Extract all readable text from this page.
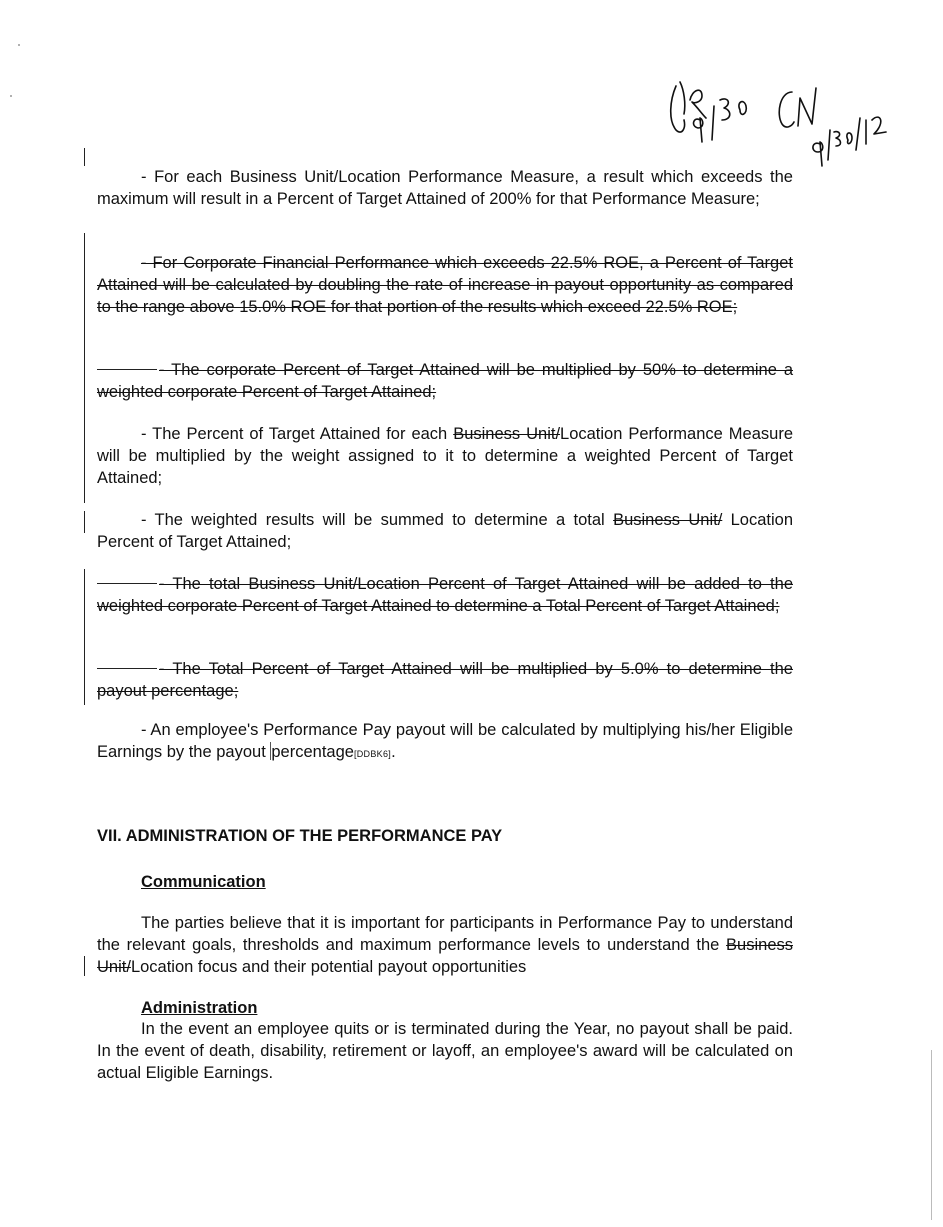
- For each Business Unit/Location Performance Measure, a result which exceeds the maximum will result in a Percent of Target Attained of 200% for that Performance Measure;

- For Corporate Financial Performance which exceeds 22.5% ROE, a Percent of Target Attained will be calculated by doubling the rate of increase in payout opportunity as compared to the range above 15.0% ROE for that portion of the results which exceed 22.5% ROE;

- The corporate Percent of Target Attained will be multiplied by 50% to determine a weighted corporate Percent of Target Attained;

- The Percent of Target Attained for each Business Unit/Location Performance Measure will be multiplied by the weight assigned to it to determine a weighted Percent of Target Attained;

- The weighted results will be summed to determine a total Business Unit/ Location Percent of Target Attained;

- The total Business Unit/Location Percent of Target Attained will be added to the weighted corporate Percent of Target Attained to determine a Total Percent of Target Attained;

- The Total Percent of Target Attained will be multiplied by 5.0% to determine the payout percentage;

- An employee's Performance Pay payout will be calculated by multiplying his/her Eligible Earnings by the payout percentage[DDBK6].

VII. ADMINISTRATION OF THE PERFORMANCE PAY
Communication

The parties believe that it is important for participants in Performance Pay to understand the relevant goals, thresholds and maximum performance levels to understand the Business Unit/Location focus and their potential payout opportunities

Administration

In the event an employee quits or is terminated during the Year, no payout shall be paid. In the event of death, disability, retirement or layoff, an employee's award will be calculated on actual Eligible Earnings.
